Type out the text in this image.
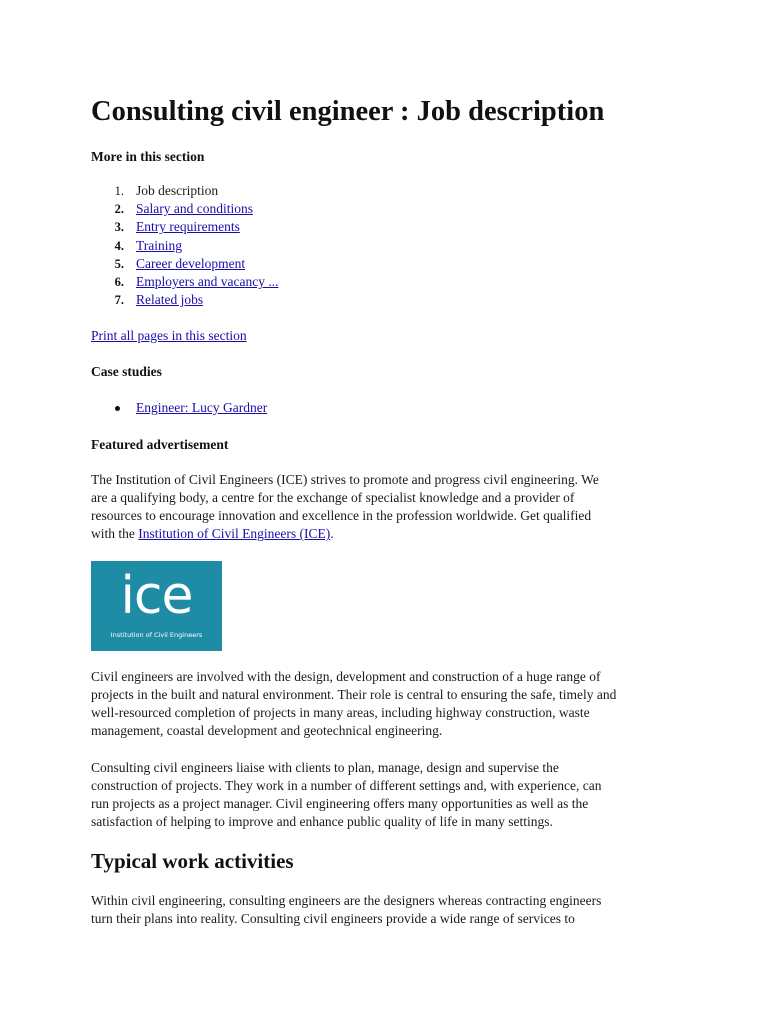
Consulting civil engineer : Job description
More in this section
1. Job description
2. Salary and conditions
3. Entry requirements
4. Training
5. Career development
6. Employers and vacancy ...
7. Related jobs
Print all pages in this section
Case studies
Engineer: Lucy Gardner
Featured advertisement

The Institution of Civil Engineers (ICE) strives to promote and progress civil engineering. We
are a qualifying body, a centre for the exchange of specialist knowledge and a provider of
resources to encourage innovation and excellence in the profession worldwide. Get qualified
with the Institution of Civil Engineers (ICE).

ice
Institution of Civil Engineers

Civil engineers are involved with the design, development and construction of a huge range of
projects in the built and natural environment. Their role is central to ensuring the safe, timely and
well-resourced completion of projects in many areas, including highway construction, waste
management, coastal development and geotechnical engineering.

Consulting civil engineers liaise with clients to plan, manage, design and supervise the
construction of projects. They work in a number of different settings and, with experience, can
run projects as a project manager. Civil engineering offers many opportunities as well as the
satisfaction of helping to improve and enhance public quality of life in many settings.

Typical work activities

Within civil engineering, consulting engineers are the designers whereas contracting engineers
turn their plans into reality. Consulting civil engineers provide a wide range of services to
